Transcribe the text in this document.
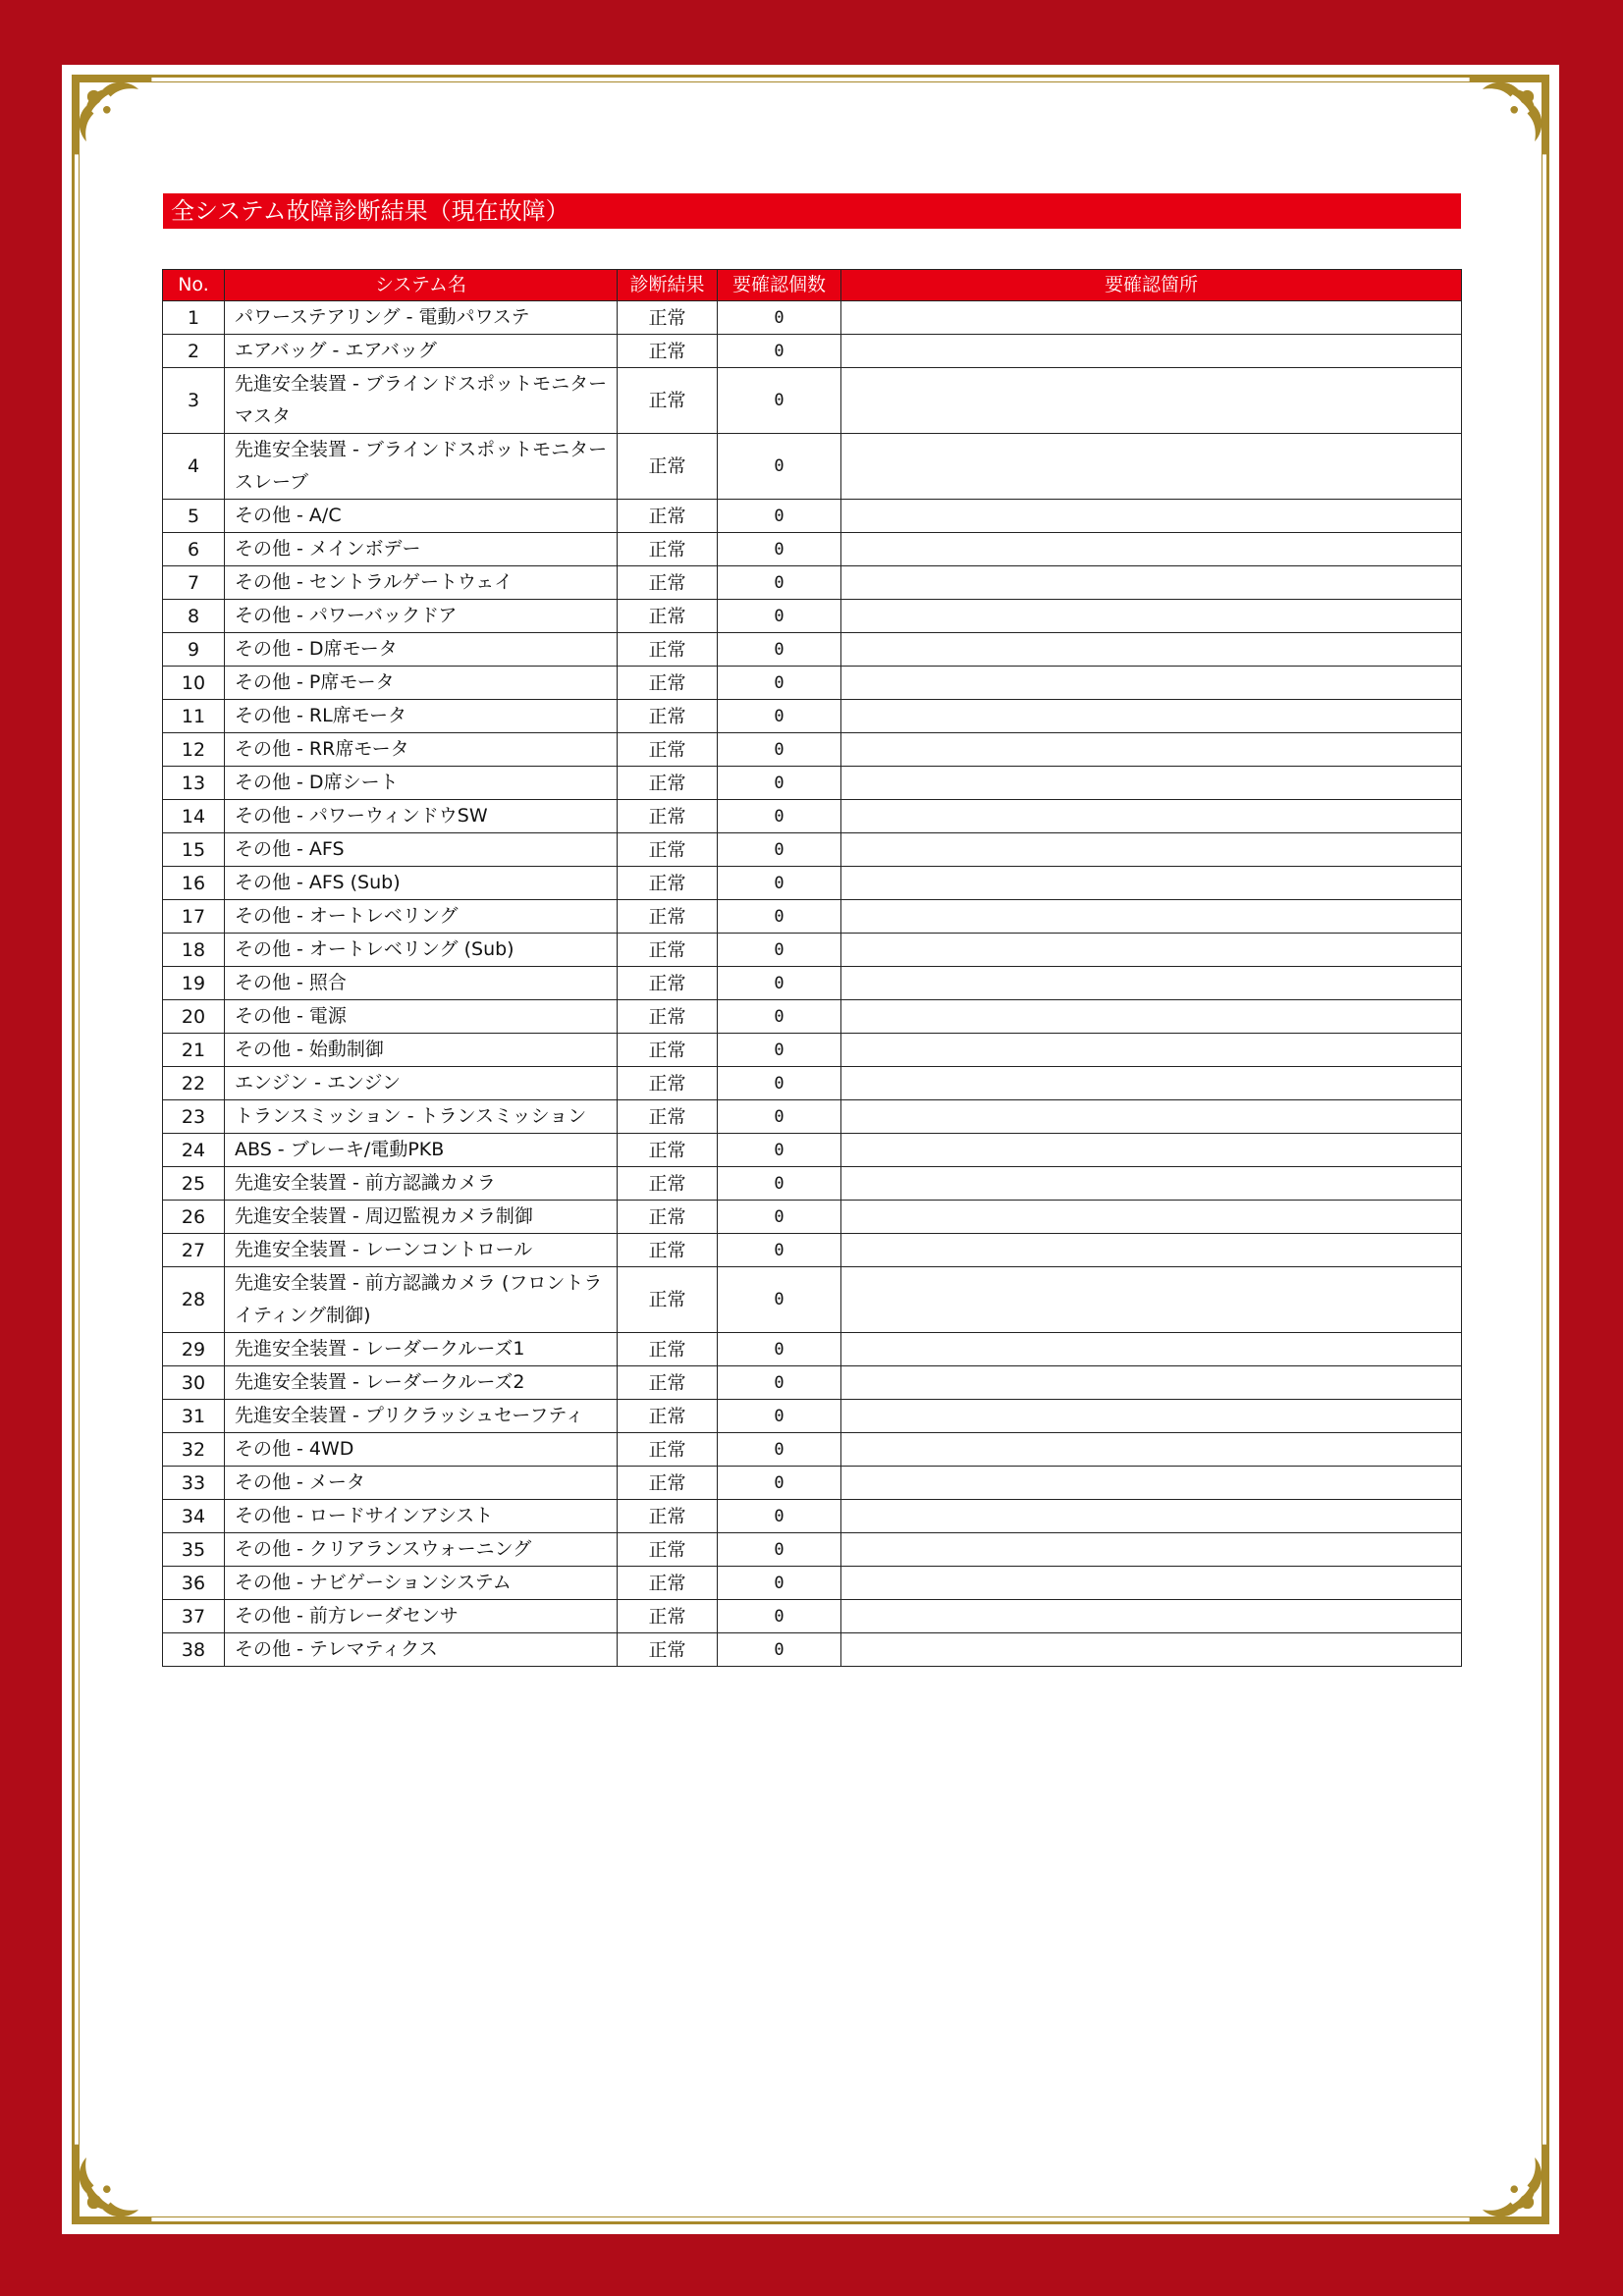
全システム故障診断結果（現在故障）
No.	システム名	診断結果	要確認個数	要確認箇所
1	パワーステアリング - 電動パワステ	正常	0	
2	エアバッグ - エアバッグ	正常	0	
3	先進安全装置 - ブラインドスポットモニター マスタ	正常	0	
4	先進安全装置 - ブラインドスポットモニター スレーブ	正常	0	
5	その他 - A/C	正常	0	
6	その他 - メインボデー	正常	0	
7	その他 - セントラルゲートウェイ	正常	0	
8	その他 - パワーバックドア	正常	0	
9	その他 - D席モータ	正常	0	
10	その他 - P席モータ	正常	0	
11	その他 - RL席モータ	正常	0	
12	その他 - RR席モータ	正常	0	
13	その他 - D席シート	正常	0	
14	その他 - パワーウィンドウSW	正常	0	
15	その他 - AFS	正常	0	
16	その他 - AFS (Sub)	正常	0	
17	その他 - オートレベリング	正常	0	
18	その他 - オートレベリング (Sub)	正常	0	
19	その他 - 照合	正常	0	
20	その他 - 電源	正常	0	
21	その他 - 始動制御	正常	0	
22	エンジン - エンジン	正常	0	
23	トランスミッション - トランスミッション	正常	0	
24	ABS - ブレーキ/電動PKB	正常	0	
25	先進安全装置 - 前方認識カメラ	正常	0	
26	先進安全装置 - 周辺監視カメラ制御	正常	0	
27	先進安全装置 - レーンコントロール	正常	0	
28	先進安全装置 - 前方認識カメラ (フロントライティング制御)	正常	0	
29	先進安全装置 - レーダークルーズ1	正常	0	
30	先進安全装置 - レーダークルーズ2	正常	0	
31	先進安全装置 - プリクラッシュセーフティ	正常	0	
32	その他 - 4WD	正常	0	
33	その他 - メータ	正常	0	
34	その他 - ロードサインアシスト	正常	0	
35	その他 - クリアランスウォーニング	正常	0	
36	その他 - ナビゲーションシステム	正常	0	
37	その他 - 前方レーダセンサ	正常	0	
38	その他 - テレマティクス	正常	0	
